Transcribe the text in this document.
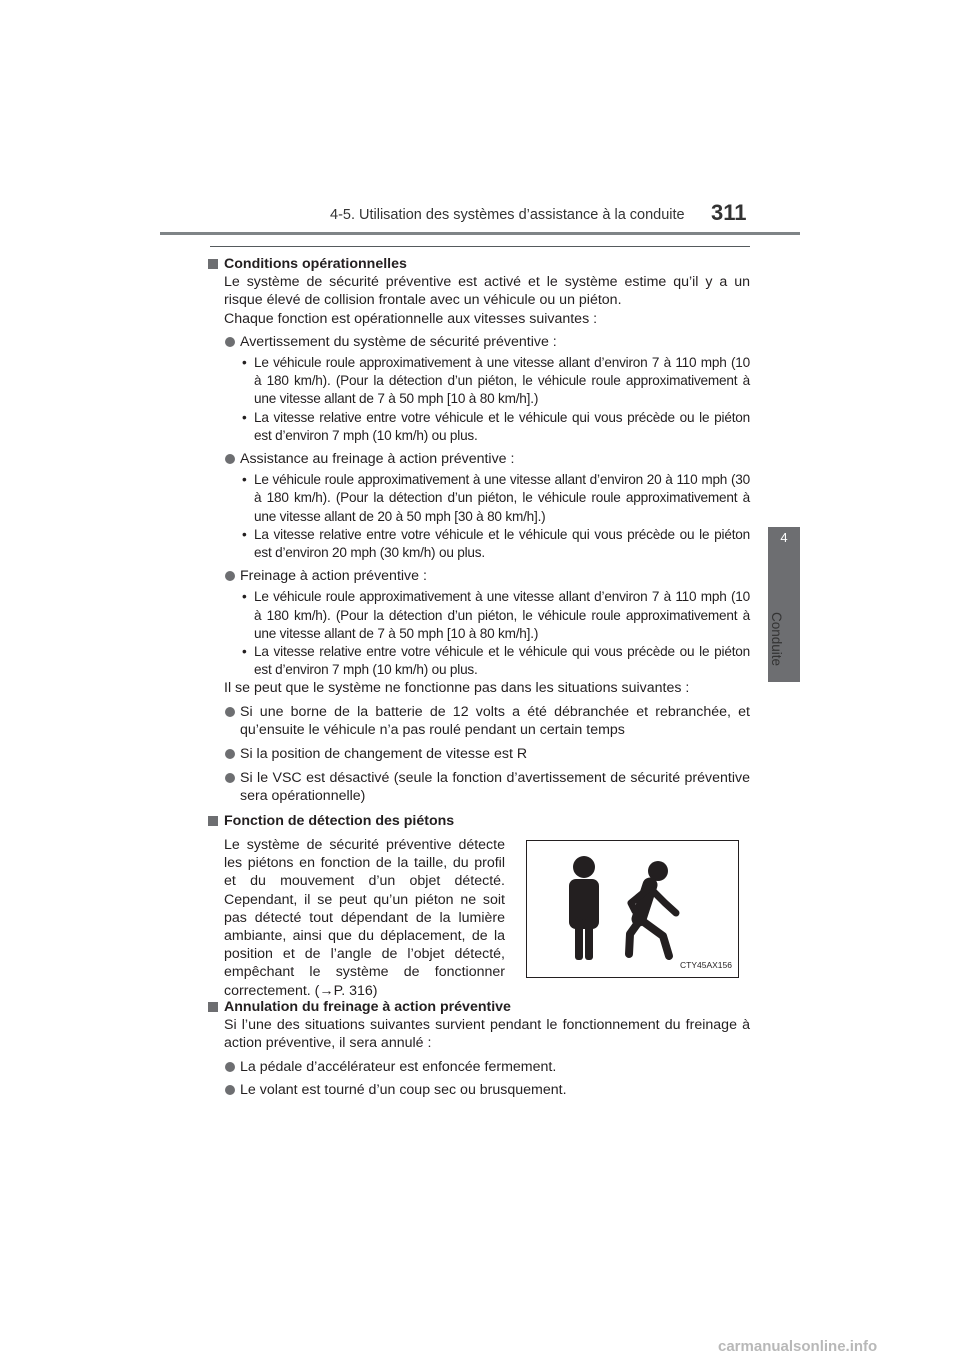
4-5. Utilisation des systèmes d’assistance à la conduite 311
4
Conduite

Conditions opérationnelles

Le système de sécurité préventive est activé et le système estime qu’il y a un risque élevé de collision frontale avec un véhicule ou un piéton.

Chaque fonction est opérationnelle aux vitesses suivantes :

Avertissement du système de sécurité préventive :

• Le véhicule roule approximativement à une vitesse allant d’environ 7 à 110 mph (10 à 180 km/h). (Pour la détection d’un piéton, le véhicule roule approximativement à une vitesse allant de 7 à 50 mph [10 à 80 km/h].)

• La vitesse relative entre votre véhicule et le véhicule qui vous précède ou le piéton est d’environ 7 mph (10 km/h) ou plus.

Assistance au freinage à action préventive :

• Le véhicule roule approximativement à une vitesse allant d’environ 20 à 110 mph (30 à 180 km/h). (Pour la détection d’un piéton, le véhicule roule approximativement à une vitesse allant de 20 à 50 mph [30 à 80 km/h].)

• La vitesse relative entre votre véhicule et le véhicule qui vous précède ou le piéton est d’environ 20 mph (30 km/h) ou plus.

Freinage à action préventive :

• Le véhicule roule approximativement à une vitesse allant d’environ 7 à 110 mph (10 à 180 km/h). (Pour la détection d’un piéton, le véhicule roule approximativement à une vitesse allant de 7 à 50 mph [10 à 80 km/h].)

• La vitesse relative entre votre véhicule et le véhicule qui vous précède ou le piéton est d’environ 7 mph (10 km/h) ou plus.

Il se peut que le système ne fonctionne pas dans les situations suivantes :

Si une borne de la batterie de 12 volts a été débranchée et rebranchée, et qu’ensuite le véhicule n’a pas roulé pendant un certain temps

Si la position de changement de vitesse est R

Si le VSC est désactivé (seule la fonction d’avertissement de sécurité préventive sera opérationnelle)

Fonction de détection des piétons

Le système de sécurité préventive détecte les piétons en fonction de la taille, du profil et du mouvement d’un objet détecté. Cependant, il se peut qu’un piéton ne soit pas détecté tout dépendant de la lumière ambiante, ainsi que du déplacement, de la position et de l’angle de l’objet détecté, empêchant le système de fonctionner correctement. (→P. 316)

CTY45AX156

Annulation du freinage à action préventive

Si l’une des situations suivantes survient pendant le fonctionnement du freinage à action préventive, il sera annulé :

La pédale d’accélérateur est enfoncée fermement.

Le volant est tourné d’un coup sec ou brusquement.

carmanualsonline.info
